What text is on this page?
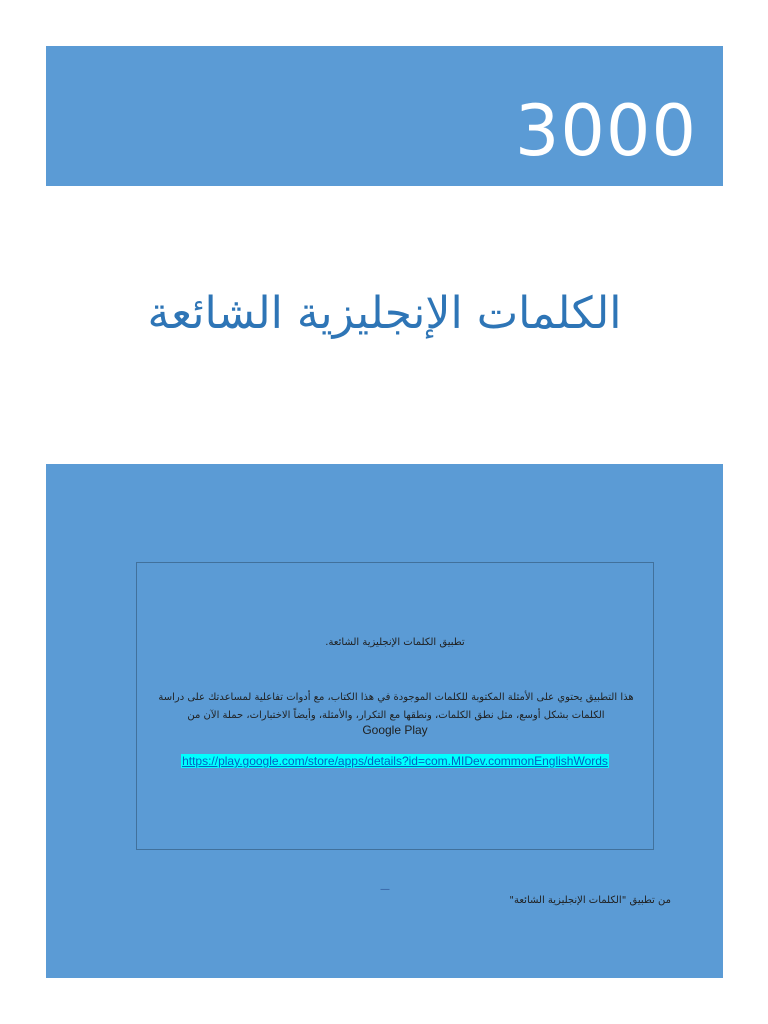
3000
الكلمات الإنجليزية الشائعة
تطبيق الكلمات الإنجليزية الشائعة.
هذا التطبيق يحتوي على الأمثلة المكتوبة للكلمات الموجودة في هذا الكتاب، مع أدوات تفاعلية لمساعدتك على دراسة الكلمات بشكل أوسع، مثل نطق الكلمات، ونطقها مع التكرار، والأمثلة، وأيضاً الاختبارات، حملة الآن من
Google Play
https://play.google.com/store/apps/details?id=com.MIDev.commonEnglishWords
—
من تطبيق "الكلمات الإنجليزية الشائعة"
